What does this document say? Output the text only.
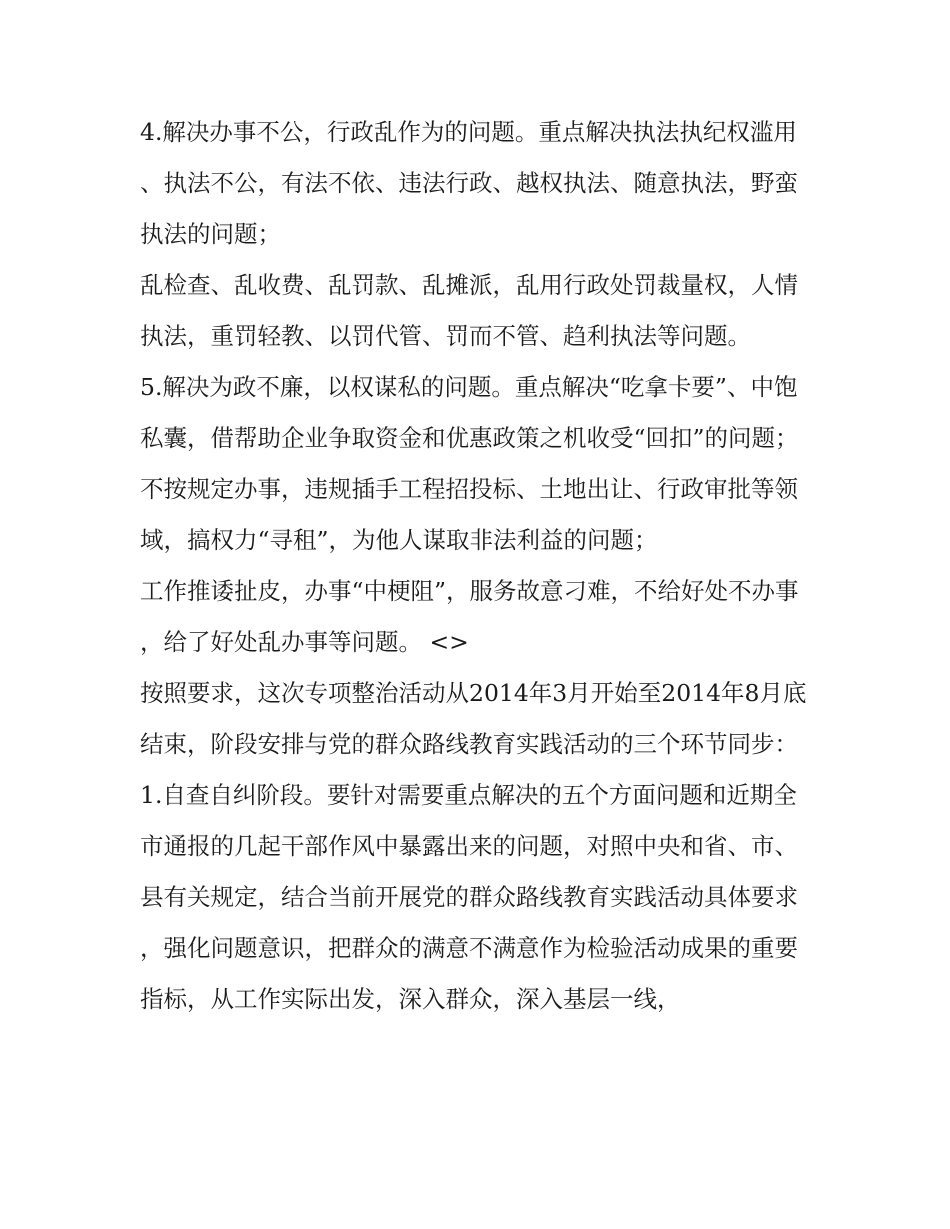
4.解决办事不公，行政乱作为的问题。重点解决执法执纪权滥用、执法不公，有法不依、违法行政、越权执法、随意执法，野蛮执法的问题；

乱检查、乱收费、乱罚款、乱摊派，乱用行政处罚裁量权，人情执法，重罚轻教、以罚代管、罚而不管、趋利执法等问题。

5.解决为政不廉，以权谋私的问题。重点解决“吃拿卡要”、中饱私囊，借帮助企业争取资金和优惠政策之机收受“回扣”的问题；

不按规定办事，违规插手工程招投标、土地出让、行政审批等领域，搞权力“寻租”，为他人谋取非法利益的问题；

工作推诿扯皮，办事“中梗阻”，服务故意刁难，不给好处不办事，给了好处乱办事等问题。 <>

按照要求，这次专项整治活动从2014年3月开始至2014年8月底结束，阶段安排与党的群众路线教育实践活动的三个环节同步：

1.自查自纠阶段。要针对需要重点解决的五个方面问题和近期全市通报的几起干部作风中暴露出来的问题，对照中央和省、市、县有关规定，结合当前开展党的群众路线教育实践活动具体要求，强化问题意识，把群众的满意不满意作为检验活动成果的重要指标，从工作实际出发，深入群众，深入基层一线，
